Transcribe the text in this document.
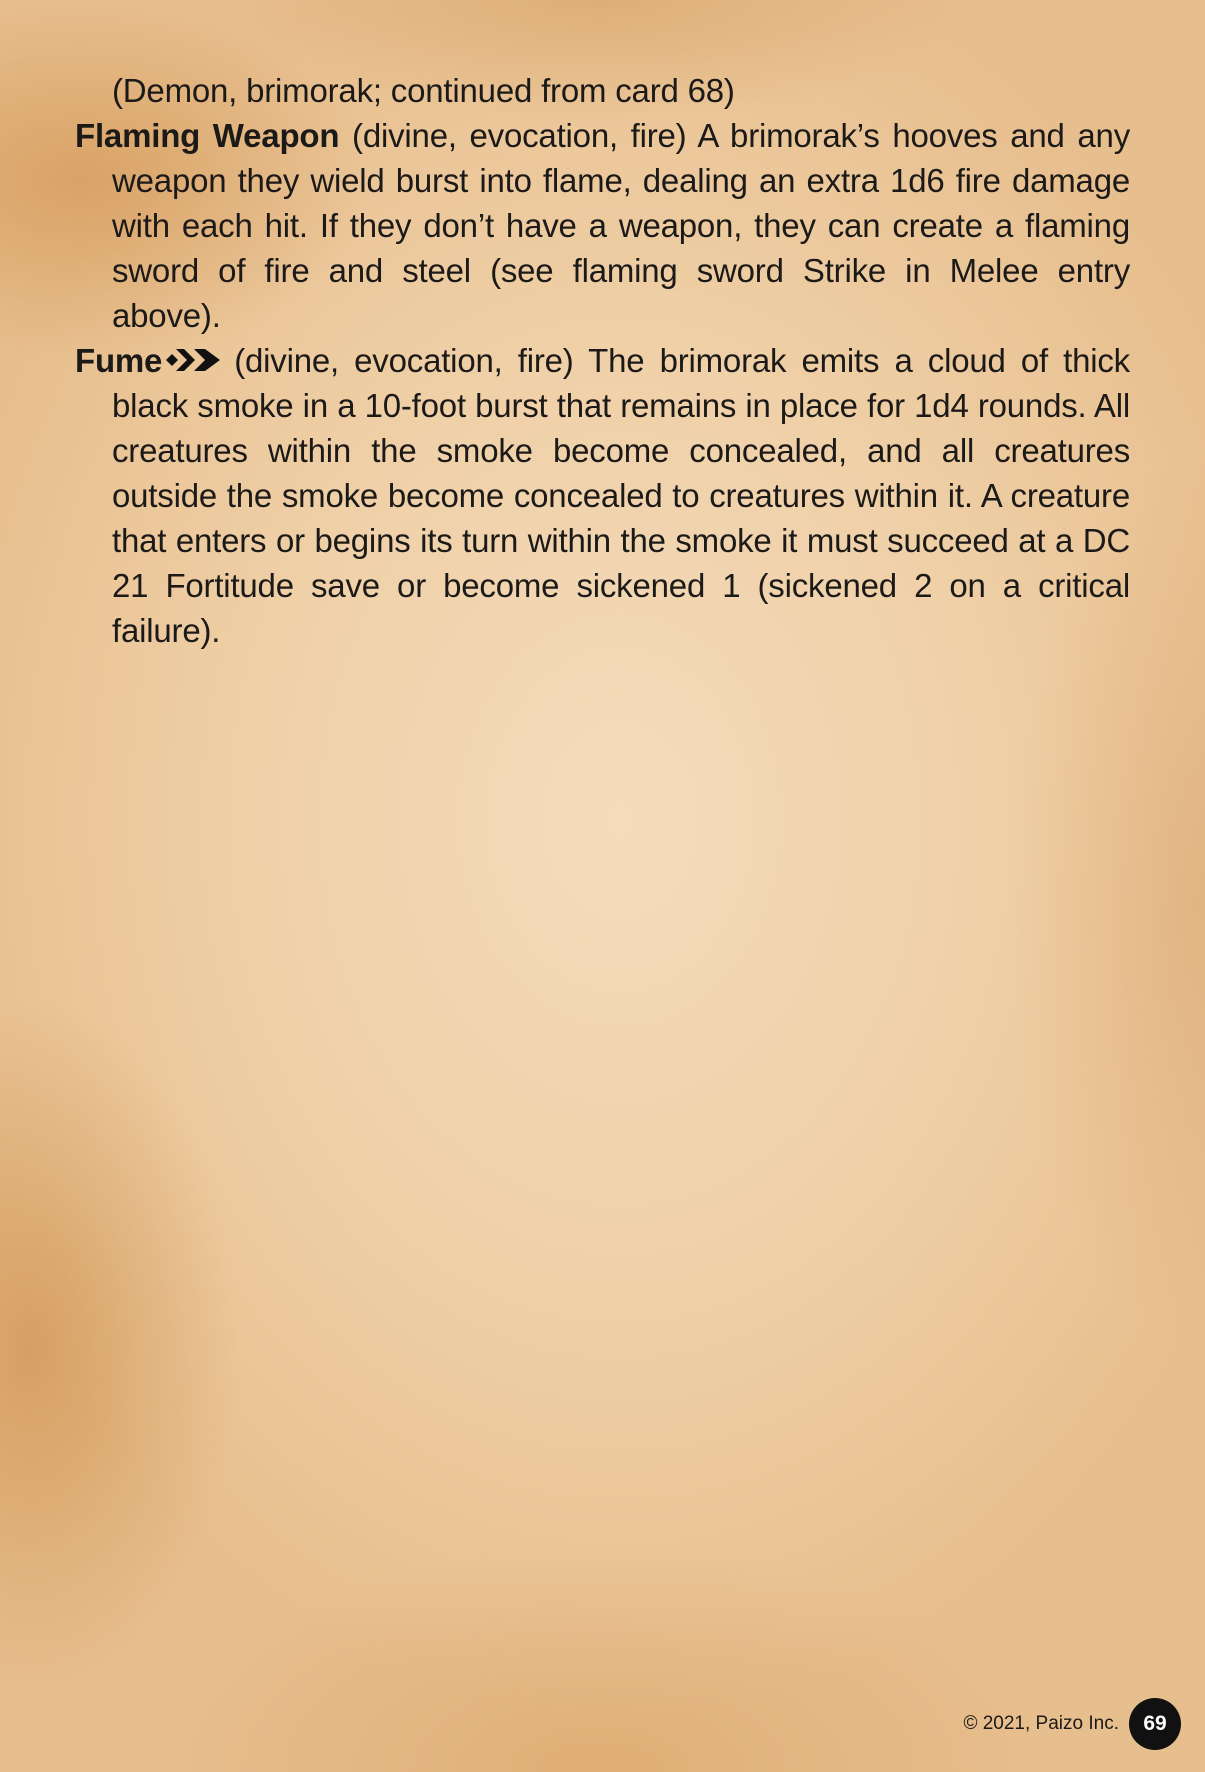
(Demon, brimorak; continued from card 68)

Flaming Weapon (divine, evocation, fire) A brimorak’s hooves and any weapon they wield burst into flame, dealing an extra 1d6 fire damage with each hit. If they don’t have a weapon, they can create a flaming sword of fire and steel (see flaming sword Strike in Melee entry above).

Fume (divine, evocation, fire) The brimorak emits a cloud of thick black smoke in a 10-foot burst that remains in place for 1d4 rounds. All creatures within the smoke become concealed, and all creatures outside the smoke become concealed to creatures within it. A creature that enters or begins its turn within the smoke it must succeed at a DC 21 Fortitude save or become sickened 1 (sickened 2 on a critical failure).

© 2021, Paizo Inc.	69
